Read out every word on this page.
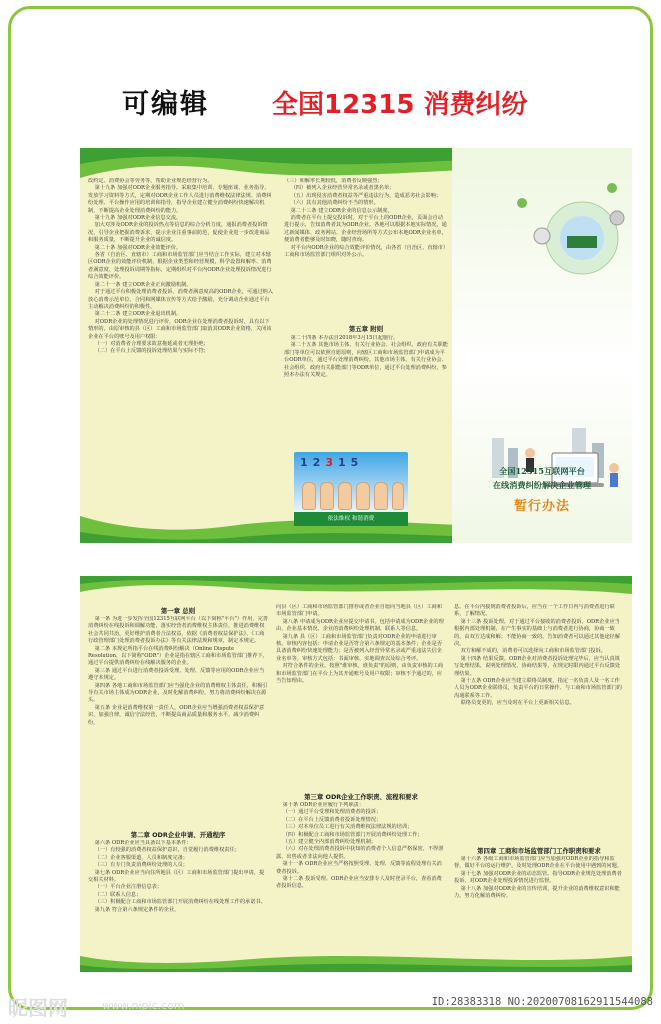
可编辑 全国12315 消费纠纷
全国12315互联网平台
在线消费纠纷解决企业管理
暂行办法
改约定、消费协会等劳务等，帮助企业规范经营行为。
第十九条 加强对ODR企业服务指导。采取集中培训、专题座谈、业务指导、发放学习资料等方式，定期对ODR企业工作人员进行消费维权法律法规、消费纠纷处理、平台操作应用的培训和指导，指导企业建立健全消费纠纷快速解决机制，不断提高企业处理消费纠纷的能力。
第十九条 加强对ODR企业信息交流。
加大对涉及ODR企业的投诉热点等信息的综合分析力度，通报消费者投诉情况，引导企业把握消费诉求，提示企业注重事前防范，促使企业进一步改进商品和服务质量，不断提升企业的诚信度。
第二十条 加强对ODR企业效能评价。
各省（自治区、直辖市）工商和市场监管部门应当结合工作实际，建立对本辖区ODR企业的效能评价机制，根据企业类型和经营规模，科学设置和解率、消费者满意度、处理投诉周期等指标，定期组织对平台内ODR企业处理投诉情况进行综合效能评价。
第二十一条 建立ODR企业正向激励机制。
对于通过平台积极处理消费者投诉、消费者满意度高的ODR企业，可通过纳入放心消费示范单位、合同和网媒体宣传等方式给予激励，充分调动企业通过平台主动解决消费纠纷的积极性。
第二十二条 建立ODR企业退出机制。
对ODR企业的处理情况进行评价，ODR企业在处理消费者投诉时，具有以下情形的，由原审核的县（区）工商和市场监管部门取消其ODR企业资格，关闭该企业在平台的账号及用户权限：
（一）对消费者合理要求故意拖延或者无理拒绝；
（二）在平台上反馈的投诉处理结果与实际不符；
（三）和解率长期较低，消费者反映强烈；
（四）被列入企业经营异常名录或者黑名单；
（五）出现侵害消费者权益等严重违法行为，造成恶劣社会影响；
（六）其有其他消费纠纷不当的情形。
第二十三条 建立ODR企业的信息公示制度。
消费者在平台上提交投诉时，对于平台上的ODR企业，页面会自动进行提示，告知消费者其为ODR企业。各地可以根据本地实际情况，通过新闻媒体、政务网站、企业经营场所等方式公布本地ODR企业名单，便消费者能够及时知晓，随时查询。
对平台内ODR企业的综合效能评价情况，由各省（自治区、直辖市）工商和市场监管部门组织对外公示。
第五章 附则
第二十四条 本办法自2018年3月15日起施行。
第二十五条 其他市场主体、有关行业协会、社会组织、政府有关职能部门等单位可以依照自愿原则，向辖区工商和市场监管部门申请成为平台ODR单位，通过平台处理消费纠纷。其他市场主体、有关行业协会、社会组织、政府有关职能部门等ODR单位，通过平台处理消费纠纷，参照本办法有关规定。
12315
依法维权 和谐消费
第一章 总则
第一条 为进一步发挥全国12315互联网平台（以下简称"平台"）作用，完善消费纠纷在线投诉和调解功能，落实经营者消费维权主体责任，推进消费维权社会共同共治，更好维护消费者合法权益，依据《消费者权益保护法》、《工商行政管理部门处理消费者投诉办法》等有关法律法规和规章，制定本规定。
第二条 本规定所指平台在线消费纠纷解决（Online Dispute Resolution，以下简称"ODR"）企业是指在辖区工商和市场监管部门推荐下，通过平台提供消费纠纷在线解决服务的企业。
第三条 通过平台进行消费者投诉受理、处理、反馈等应用的ODR企业应当遵守本规定。
第四条 各地工商和市场监管部门应当强化企业的消费维权主体责任，积极引导有关市场主体成为ODR企业，及时化解消费纠纷，努力将消费纠纷解决在源头。
第五条 企业是消费维权第一责任人，ODR企业应当增强消费者权益保护意识，加强自律，诚信守法经营，不断提高商品质量和服务水平，减少消费纠纷。
第二章 ODR企业申请、开通程序
第六条 ODR企业应当具备以下基本条件：
（一）有较强的消费者权益保护意识，自觉履行消费维权责任；
（二）企业客服渠道、人员和制度完备；
（三）有专门负责消费纠纷处理的人员；
第七条 ODR企业应当向住所地县（区）工商和市场监管部门提出申请，提交相关材料。
（一）平台企业注册信息表；
（二）联系人信息；
（三）积极配合工商和市场监管部门开展消费纠纷在线处理工作的承诺书。
第九条 符合第六条规定条件的企业，
向县（区）工商和市场监管部门推荐或者企业自愿向当地县（区）工商和市场监管部门申请。
第八条 申请成为ODR企业应提交申请书，包括申请成为ODR企业的理由、企业基本情况、企业的消费纠纷处理机制、联系人等信息。
第九条 县（区）工商和市场监管部门负责对ODR企业的申请进行审核。审核内容包括：申请企业是否符合第六条规定的基本条件；企业是否具备消费纠纷快速处理能力；是否被列入经营异常名录或严重违法失信企业名单等。审核方式包括：书面审核、实地调查以及综合考评。
对符合条件的企业，按照"谁审核，谁负责"的原则，由负责审核的工商和市场监管部门在平台上为其开通账号及用户权限；审核不予通过的，应当告知理由。
第三章 ODR企业工作职责、流程和要求
第十条 ODR企业应履行下列职责：
（一）通过平台受理和处理消费者的投诉；
（二）在平台上反馈消费者投诉处理情况；
（三）对本单位员工进行有关消费维权法律法规的培训；
（四）积极配合工商和市场监管部门开展消费纠纷处理工作；
（五）建立健全内部消费纠纷处理机制；
（六）对在处理消费者投诉中获知的消费者个人信息严格保密，不得泄露、出售或者非法向他人提供。
第十一条 ODR企业应当严格按照受理、处理、反馈等流程处理有关消费者投诉。
第十二条 投诉受理。ODR企业应当安排专人及时登录平台，查看消费者投诉信息，
息。在平台内接到消费者投诉后，应当在一个工作日内与消费者进行联系，了解情况。
第十三条 投诉处理。对于通过平台接收的消费者投诉，ODR企业应当根据内部处理机制，在产生事实的基础上与消费者进行协商，协商一致的，由双方达成和解；不能协商一致的，告知消费者可以通过其他途径解决。
双方和解不成的，消费者可以选择向工商和市场监管部门投诉。
第十四条 结果反馈。ODR企业对消费者投诉处理完毕后，应当认真填写处理结果，说明处理情况、协商结果等，在规定时限内通过平台反馈处理结果。
第十五条 ODR企业应当建立联络员制度，指定一名负责人及一名工作人员为ODR企业联络员，负责平台的日常操作、与工商和市场监管部门的沟通联系等工作。
联络员变更的，应当及时在平台上更新相关信息。
第四章 工商和市场监管部门工作职责和要求
第十六条 各级工商和市场监管部门应当加强对ODR企业的指导和监督，做好平台的运行维护，及时处理ODR企业在平台使用中遇到的问题。
第十七条 加强对ODR企业的动态监管。指导ODR企业规范处理消费者投诉，对ODR企业处理投诉情况进行监督。
第十八条 加强对ODR企业的宣传培训，提升企业的消费维权意识和能力，努力化解消费纠纷。
昵图网	www.nipic.com	ID:28383318 NO:20200708162911544088
